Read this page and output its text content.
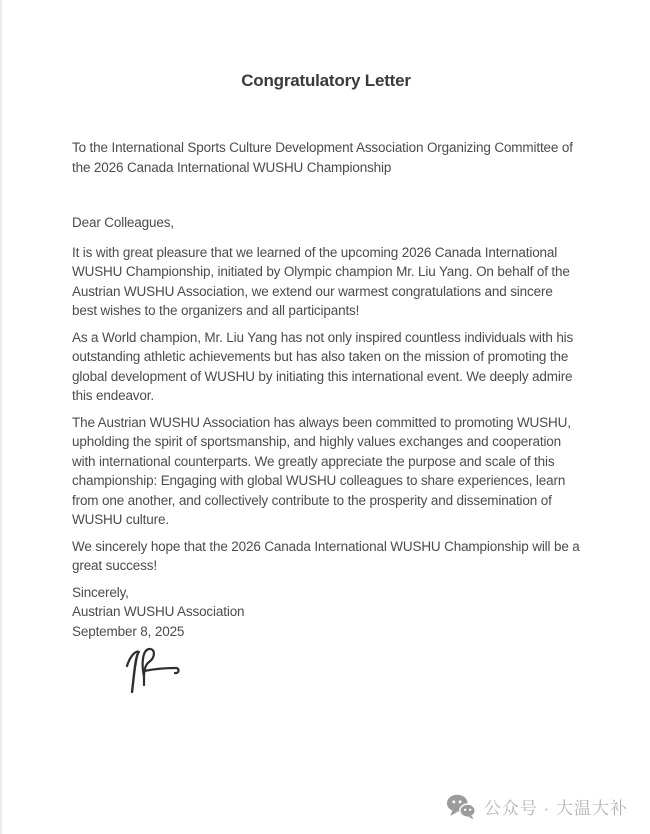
Congratulatory Letter

To the International Sports Culture Development Association Organizing Committee of the 2026 Canada International WUSHU Championship

Dear Colleagues,

It is with great pleasure that we learned of the upcoming 2026 Canada International WUSHU Championship, initiated by Olympic champion Mr. Liu Yang. On behalf of the Austrian WUSHU Association, we extend our warmest congratulations and sincere best wishes to the organizers and all participants!

As a World champion, Mr. Liu Yang has not only inspired countless individuals with his outstanding athletic achievements but has also taken on the mission of promoting the global development of WUSHU by initiating this international event. We deeply admire this endeavor.

The Austrian WUSHU Association has always been committed to promoting WUSHU, upholding the spirit of sportsmanship, and highly values exchanges and cooperation with international counterparts. We greatly appreciate the purpose and scale of this championship: Engaging with global WUSHU colleagues to share experiences, learn from one another, and collectively contribute to the prosperity and dissemination of WUSHU culture.

We sincerely hope that the 2026 Canada International WUSHU Championship will be a great success!

Sincerely,

Austrian WUSHU Association

September 8, 2025

公众号 · 大温大补
